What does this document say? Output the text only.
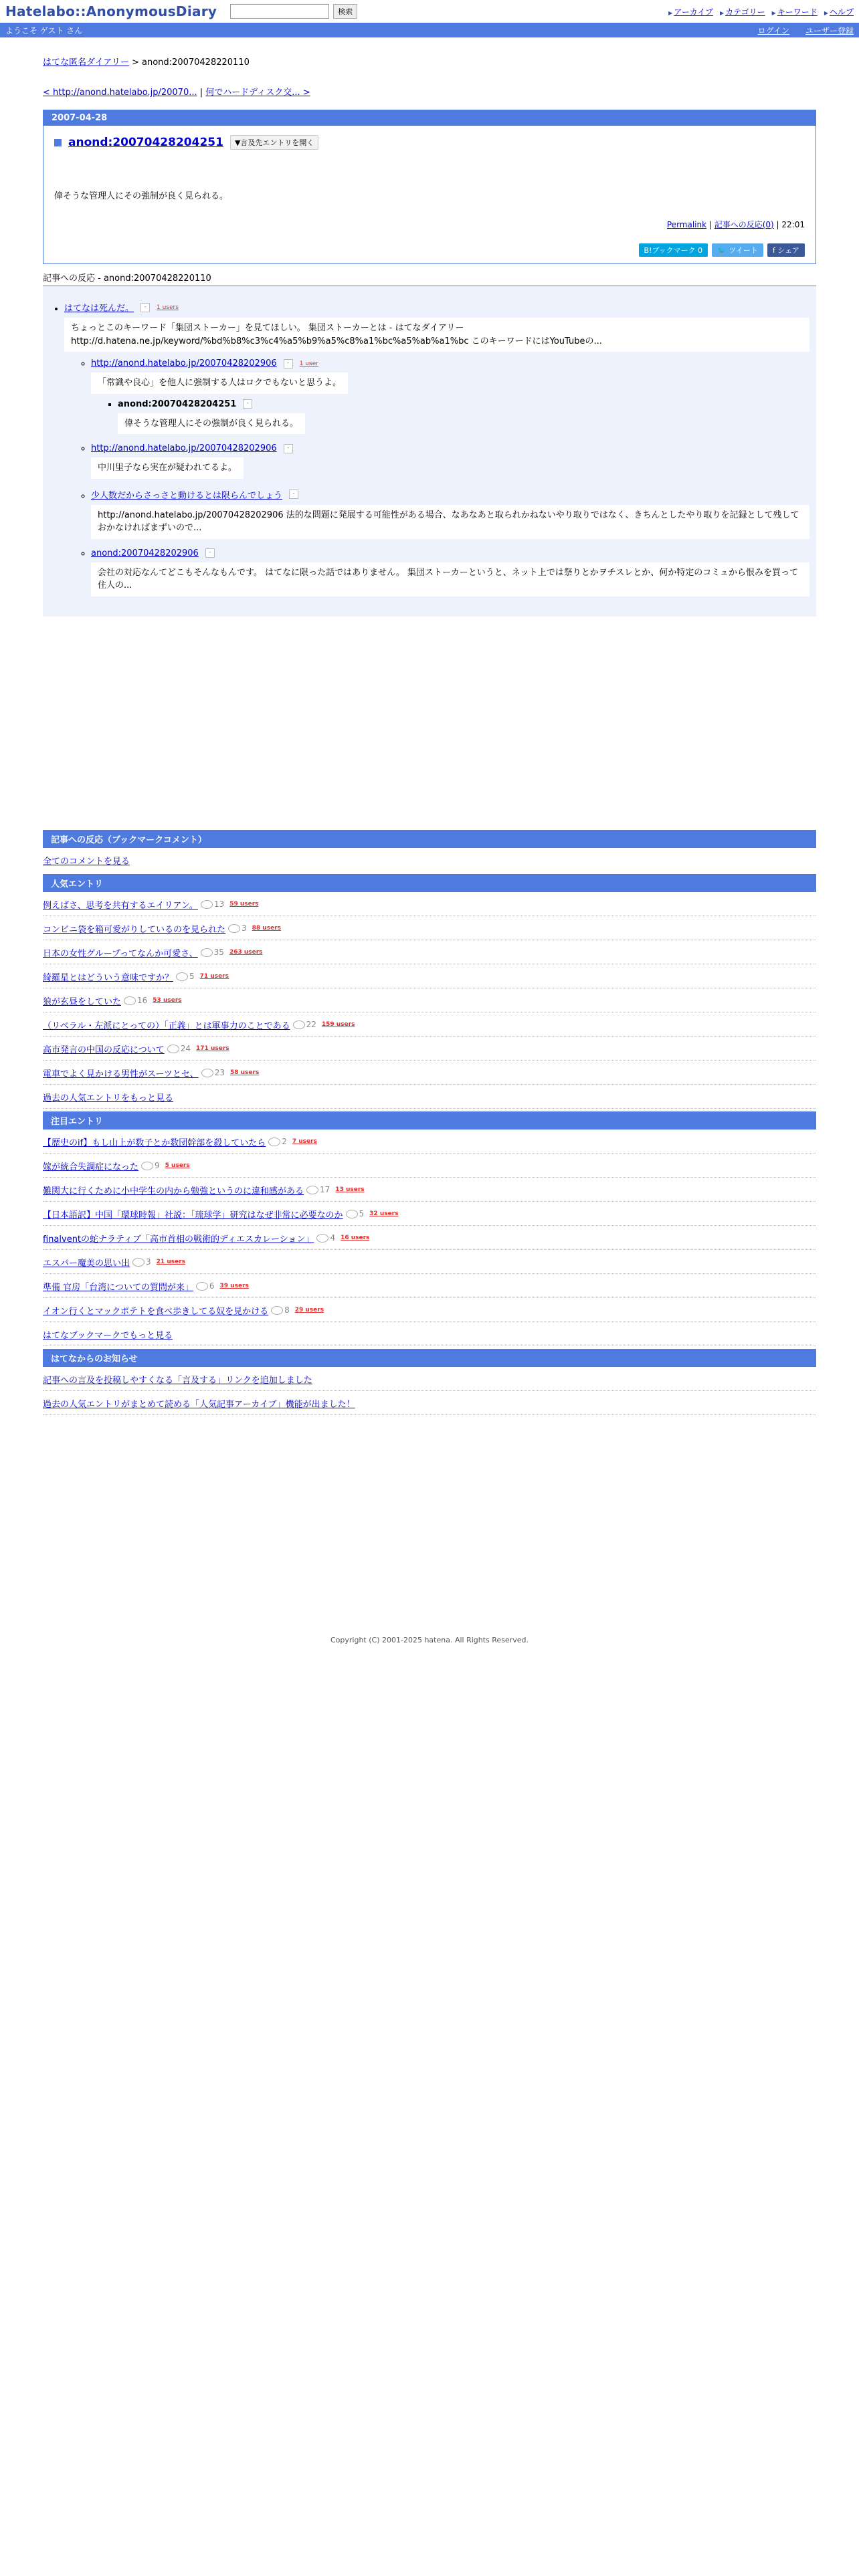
Hatelabo::AnonymousDiary	検索	▶ アーカイブ	▶ カテゴリー	▶ キーワード	▶ ヘルプ
ようこそ ゲスト さん	ログイン ユーザー登録
はてな匿名ダイアリー > anond:20070428220110
< http://anond.hatelabo.jp/20070... | 何でハードディスク交... >
2007-04-28
anond:20070428204251	▼言及先エントリを開く
偉そうな管理人にその強制が良く見られる。
Permalink | 記事への反応(0) | 22:01
B!ブックマーク 0	🐦 ツイート	f シェア
記事への反応 - anond:20070428220110
• はてなは死んだ。	-	1 users
ちょっとこのキーワード「集団ストーカー」を見てほしい。 集団ストーカーとは - はてなダイアリー http://d.hatena.ne.jp/keyword/%bd%b8%c3%c4%a5%b9%a5%c8%a1%bc%a5%ab%a1%bc このキーワードにはYouTubeの...
◦ http://anond.hatelabo.jp/20070428202906	-	1 user
「常識や良心」を他人に強制する人はロクでもないと思うよ。
▪ anond:20070428204251	-
偉そうな管理人にその強制が良く見られる。
◦ http://anond.hatelabo.jp/20070428202906	-
中川里子なら実在が疑われてるよ。
◦ 少人数だからさっさと動けるとは限らんでしょう	-
http://anond.hatelabo.jp/20070428202906 法的な問題に発展する可能性がある場合、なあなあと取られかねないやり取りではなく、きちんとしたやり取りを記録として残しておかなければまずいので...
◦ anond:20070428202906	-
会社の対応なんてどこもそんなもんです。 はてなに限った話ではありません。 集団ストーカーというと、ネット上では祭りとかヲチスレとか、何か特定のコミュから恨みを買って住人の...
記事への反応（ブックマークコメント）
全てのコメントを見る
人気エントリ
例えばさ、思考を共有するエイリアン。 13 59 users
コンビニ袋を箱可愛がりしているのを見られた 3 88 users
日本の女性グループってなんか可愛さ、 35 263 users
綺羅星とはどういう意味ですか？ 5 71 users
狼が玄昼をしていた 16 53 users
（リベラル・左派にとっての）「正義」とは軍事力のことである 22 159 users
高市発言の中国の反応について 24 171 users
電車でよく見かける男性がスーツとセ、 23 58 users
過去の人気エントリをもっと見る
注目エントリ
【歴史のif】もし山上が数子とか数団幹部を殺していたら 2 7 users
嫁が統合失調症になった 9 5 users
難関大に行くために小中学生の内から勉強というのに違和感がある 17 13 users
【日本語訳】中国「環球時報」社説：「琉球学」研究はなぜ非常に必要なのか 5 32 users
finalventの蛇ナラティブ「高市首相の戦術的ディエスカレーション」 4 16 users
エスパー魔美の思い出 3 21 users
準備 官房「台湾についての質問が来」 6 39 users
イオン行くとマックポテトを食べ歩きしてる奴を見かける 8 29 users
はてなブックマークでもっと見る
はてなからのお知らせ
記事への言及を投稿しやすくなる「言及する」リンクを追加しました
過去の人気エントリがまとめて読める「人気記事アーカイブ」機能が出ました！
Copyright (C) 2001-2025 hatena. All Rights Reserved.
